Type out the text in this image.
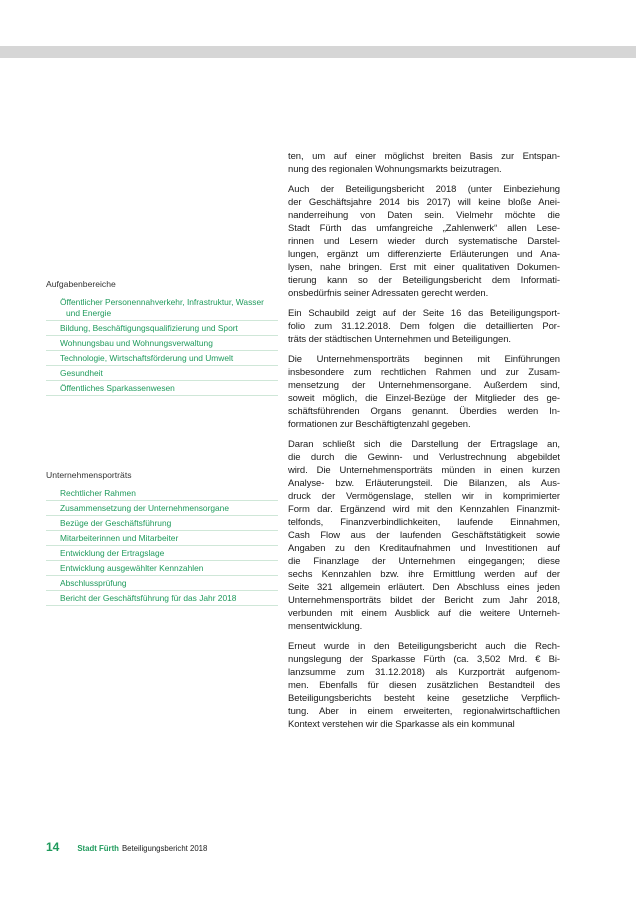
Aufgabenbereiche
Öffentlicher Personennahverkehr, Infrastruktur, Wasser
und Energie
Bildung, Beschäftigungsqualifizierung und Sport
Wohnungsbau und Wohnungsverwaltung
Technologie, Wirtschaftsförderung und Umwelt
Gesundheit
Öffentliches Sparkassenwesen
Unternehmensporträts
Rechtlicher Rahmen
Zusammensetzung der Unternehmensorgane
Bezüge der Geschäftsführung
Mitarbeiterinnen und Mitarbeiter
Entwicklung der Ertragslage
Entwicklung ausgewählter Kennzahlen
Abschlussprüfung
Bericht der Geschäftsführung für das Jahr 2018

ten, um auf einer möglichst breiten Basis zur Entspan-
nung des regionalen Wohnungsmarkts beizutragen.

Auch der Beteiligungsbericht 2018 (unter Einbeziehung
der Geschäftsjahre 2014 bis 2017) will keine bloße Anei-
nanderreihung von Daten sein. Vielmehr möchte die
Stadt Fürth das umfangreiche „Zahlenwerk“ allen Lese-
rinnen und Lesern wieder durch systematische Darstel-
lungen, ergänzt um differenzierte Erläuterungen und Ana-
lysen, nahe bringen. Erst mit einer qualitativen Dokumen-
tierung kann so der Beteiligungsbericht dem Informati-
onsbedürfnis seiner Adressaten gerecht werden.

Ein Schaubild zeigt auf der Seite 16 das Beteiligungsport-
folio zum 31.12.2018. Dem folgen die detaillierten Por-
träts der städtischen Unternehmen und Beteiligungen.

Die Unternehmensporträts beginnen mit Einführungen
insbesondere zum rechtlichen Rahmen und zur Zusam-
mensetzung der Unternehmensorgane. Außerdem sind,
soweit möglich, die Einzel-Bezüge der Mitglieder des ge-
schäftsführenden Organs genannt. Überdies werden In-
formationen zur Beschäftigtenzahl gegeben.

Daran schließt sich die Darstellung der Ertragslage an,
die durch die Gewinn- und Verlustrechnung abgebildet
wird. Die Unternehmensporträts münden in einen kurzen
Analyse- bzw. Erläuterungsteil. Die Bilanzen, als Aus-
druck der Vermögenslage, stellen wir in komprimierter
Form dar. Ergänzend wird mit den Kennzahlen Finanzmit-
telfonds, Finanzverbindlichkeiten, laufende Einnahmen,
Cash Flow aus der laufenden Geschäftstätigkeit sowie
Angaben zu den Kreditaufnahmen und Investitionen auf
die Finanzlage der Unternehmen eingegangen; diese
sechs Kennzahlen bzw. ihre Ermittlung werden auf der
Seite 321 allgemein erläutert. Den Abschluss eines jeden
Unternehmensporträts bildet der Bericht zum Jahr 2018,
verbunden mit einem Ausblick auf die weitere Unterneh-
mensentwicklung.

Erneut wurde in den Beteiligungsbericht auch die Rech-
nungslegung der Sparkasse Fürth (ca. 3,502 Mrd. € Bi-
lanzsumme zum 31.12.2018) als Kurzporträt aufgenom-
men. Ebenfalls für diesen zusätzlichen Bestandteil des
Beteiligungsberichts besteht keine gesetzliche Verpflich-
tung. Aber in einem erweiterten, regionalwirtschaftlichen
Kontext verstehen wir die Sparkasse als ein kommunal

14 Stadt Fürth Beteiligungsbericht 2018
